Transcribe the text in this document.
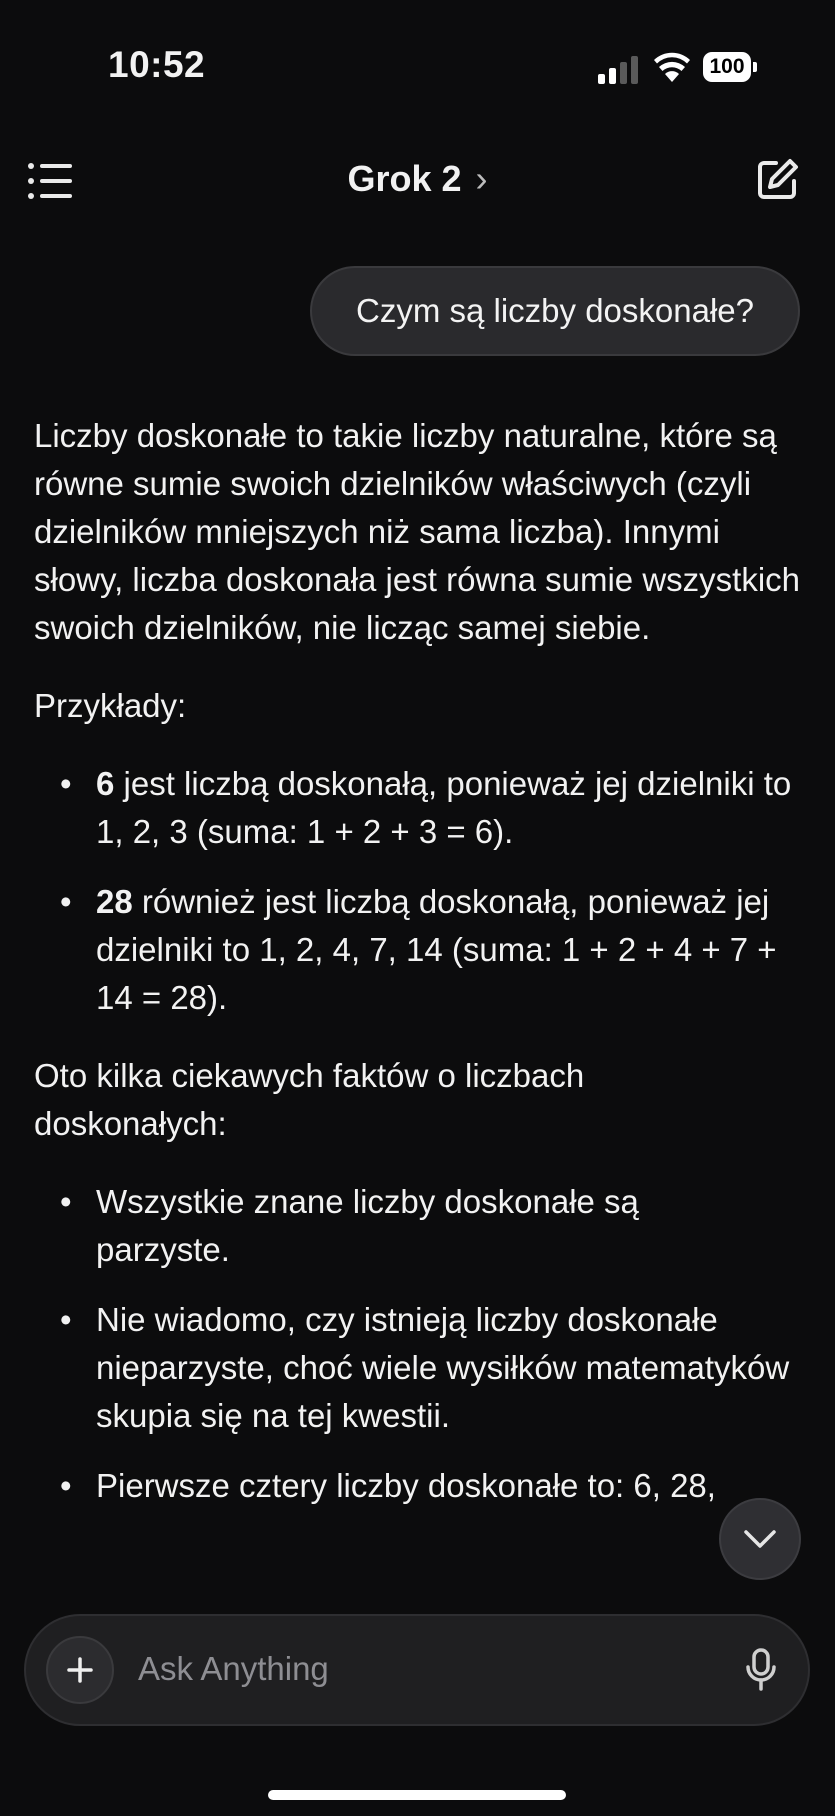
10:52	100
Grok 2 ›
Czym są liczby doskonałe?

Liczby doskonałe to takie liczby naturalne, które są równe sumie swoich dzielników właściwych (czyli dzielników mniejszych niż sama liczba). Innymi słowy, liczba doskonała jest równa sumie wszystkich swoich dzielników, nie licząc samej siebie.

Przykłady:

• 6 jest liczbą doskonałą, ponieważ jej dzielniki to 1, 2, 3 (suma: 1 + 2 + 3 = 6).
• 28 również jest liczbą doskonałą, ponieważ jej dzielniki to 1, 2, 4, 7, 14 (suma: 1 + 2 + 4 + 7 + 14 = 28).

Oto kilka ciekawych faktów o liczbach doskonałych:

• Wszystkie znane liczby doskonałe są parzyste.
• Nie wiadomo, czy istnieją liczby doskonałe nieparzyste, choć wiele wysiłków matematyków skupia się na tej kwestii.
• Pierwsze cztery liczby doskonałe to: 6, 28,
Ask Anything
